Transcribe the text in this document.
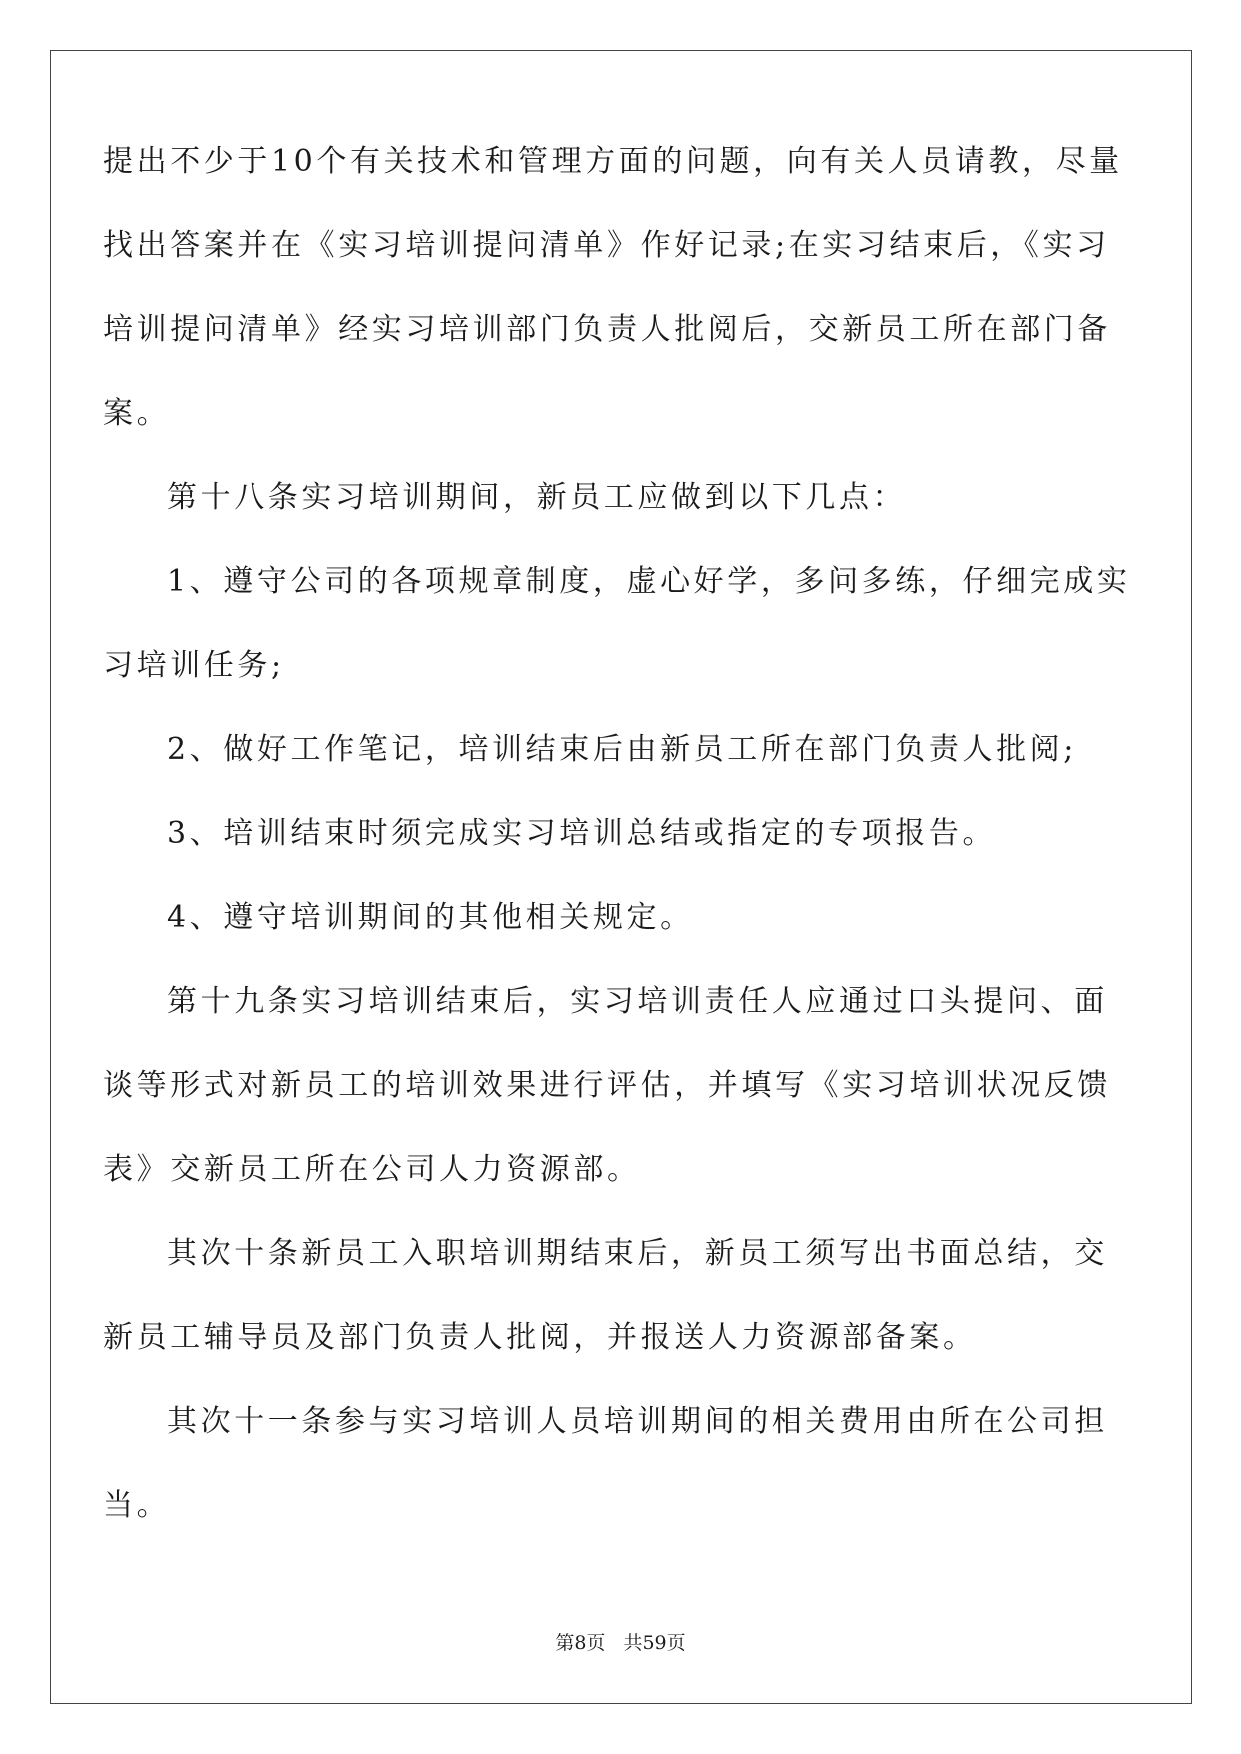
提出不少于10个有关技术和管理方面的问题，向有关人员请教，尽量
找出答案并在《实习培训提问清单》作好记录;在实习结束后，《实习
培训提问清单》经实习培训部门负责人批阅后，交新员工所在部门备
案。
第十八条实习培训期间，新员工应做到以下几点：
1、遵守公司的各项规章制度，虚心好学，多问多练，仔细完成实
习培训任务;
2、做好工作笔记，培训结束后由新员工所在部门负责人批阅;
3、培训结束时须完成实习培训总结或指定的专项报告。
4、遵守培训期间的其他相关规定。
第十九条实习培训结束后，实习培训责任人应通过口头提问、面
谈等形式对新员工的培训效果进行评估，并填写《实习培训状况反馈
表》交新员工所在公司人力资源部。
其次十条新员工入职培训期结束后，新员工须写出书面总结，交
新员工辅导员及部门负责人批阅，并报送人力资源部备案。
其次十一条参与实习培训人员培训期间的相关费用由所在公司担
当。
第8页 共59页
